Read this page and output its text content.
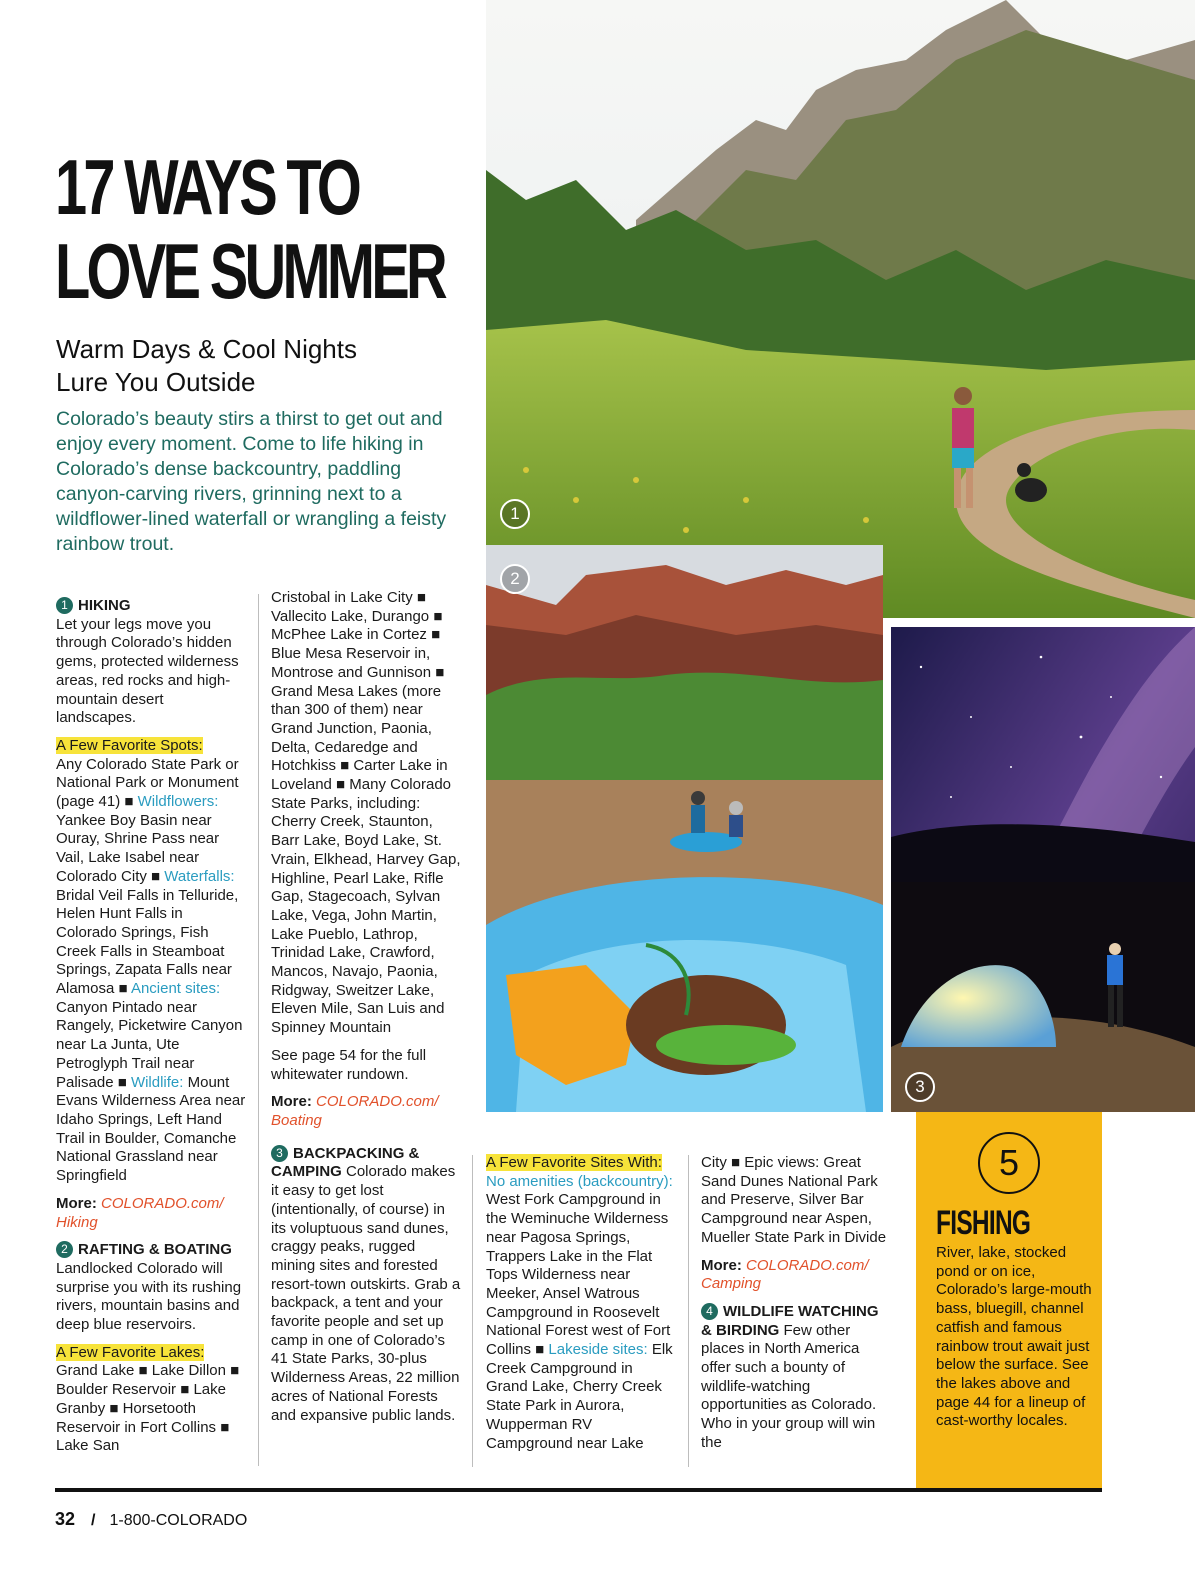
17 WAYS TO
LOVE SUMMER
Warm Days & Cool Nights
Lure You Outside
Colorado’s beauty stirs a thirst to get out and enjoy every moment. Come to life hiking in Colorado’s dense backcountry, paddling canyon-carving rivers, grinning next to a wildflower-lined waterfall or wrangling a feisty rainbow trout.
1
2
3

1 HIKING
Let your legs move you through Colorado’s hidden gems, protected wilderness areas, red rocks and high-mountain desert landscapes.

A Few Favorite Spots:
Any Colorado State Park or National Park or Monument (page 41) ■ Wildflowers: Yankee Boy Basin near Ouray, Shrine Pass near Vail, Lake Isabel near Colorado City ■ Waterfalls: Bridal Veil Falls in Telluride, Helen Hunt Falls in Colorado Springs, Fish Creek Falls in Steamboat Springs, Zapata Falls near Alamosa ■ Ancient sites: Canyon Pintado near Rangely, Picketwire Canyon near La Junta, Ute Petroglyph Trail near Palisade ■ Wildlife: Mount Evans Wilderness Area near Idaho Springs, Left Hand Trail in Boulder, Comanche National Grassland near Springfield

More: COLORADO.com/ Hiking

2 RAFTING & BOATING
Landlocked Colorado will surprise you with its rushing rivers, mountain basins and deep blue reservoirs.

A Few Favorite Lakes:
Grand Lake ■ Lake Dillon ■ Boulder Reservoir ■ Lake Granby ■ Horsetooth Reservoir in Fort Collins ■ Lake San

Cristobal in Lake City ■ Vallecito Lake, Durango ■ McPhee Lake in Cortez ■ Blue Mesa Reservoir in, Montrose and Gunnison ■ Grand Mesa Lakes (more than 300 of them) near Grand Junction, Paonia, Delta, Cedaredge and Hotchkiss ■ Carter Lake in Loveland ■ Many Colorado State Parks, including: Cherry Creek, Staunton, Barr Lake, Boyd Lake, St. Vrain, Elkhead, Harvey Gap, Highline, Pearl Lake, Rifle Gap, Stagecoach, Sylvan Lake, Vega, John Martin, Lake Pueblo, Lathrop, Trinidad Lake, Crawford, Mancos, Navajo, Paonia, Ridgway, Sweitzer Lake, Eleven Mile, San Luis and Spinney Mountain

See page 54 for the full whitewater rundown.

More: COLORADO.com/ Boating

3 BACKPACKING & CAMPING Colorado makes it easy to get lost (intentionally, of course) in its voluptuous sand dunes, craggy peaks, rugged mining sites and forested resort-town outskirts. Grab a backpack, a tent and your favorite people and set up camp in one of Colorado’s 41 State Parks, 30-plus Wilderness Areas, 22 million acres of National Forests and expansive public lands.

A Few Favorite Sites With: No amenities (backcountry): West Fork Campground in the Weminuche Wilderness near Pagosa Springs, Trappers Lake in the Flat Tops Wilderness near Meeker, Ansel Watrous Campground in Roosevelt National Forest west of Fort Collins ■ Lakeside sites: Elk Creek Campground in Grand Lake, Cherry Creek State Park in Aurora, Wupperman RV Campground near Lake

City ■ Epic views: Great Sand Dunes National Park and Preserve, Silver Bar Campground near Aspen, Mueller State Park in Divide

More: COLORADO.com/ Camping

4 WILDLIFE WATCHING & BIRDING Few other places in North America offer such a bounty of wildlife-watching opportunities as Colorado. Who in your group will win the

5
FISHING
River, lake, stocked pond or on ice, Colorado’s large-mouth bass, bluegill, channel catfish and famous rainbow trout await just below the surface. See the lakes above and page 44 for a lineup of cast-worthy locales.
32 / 1-800-COLORADO
